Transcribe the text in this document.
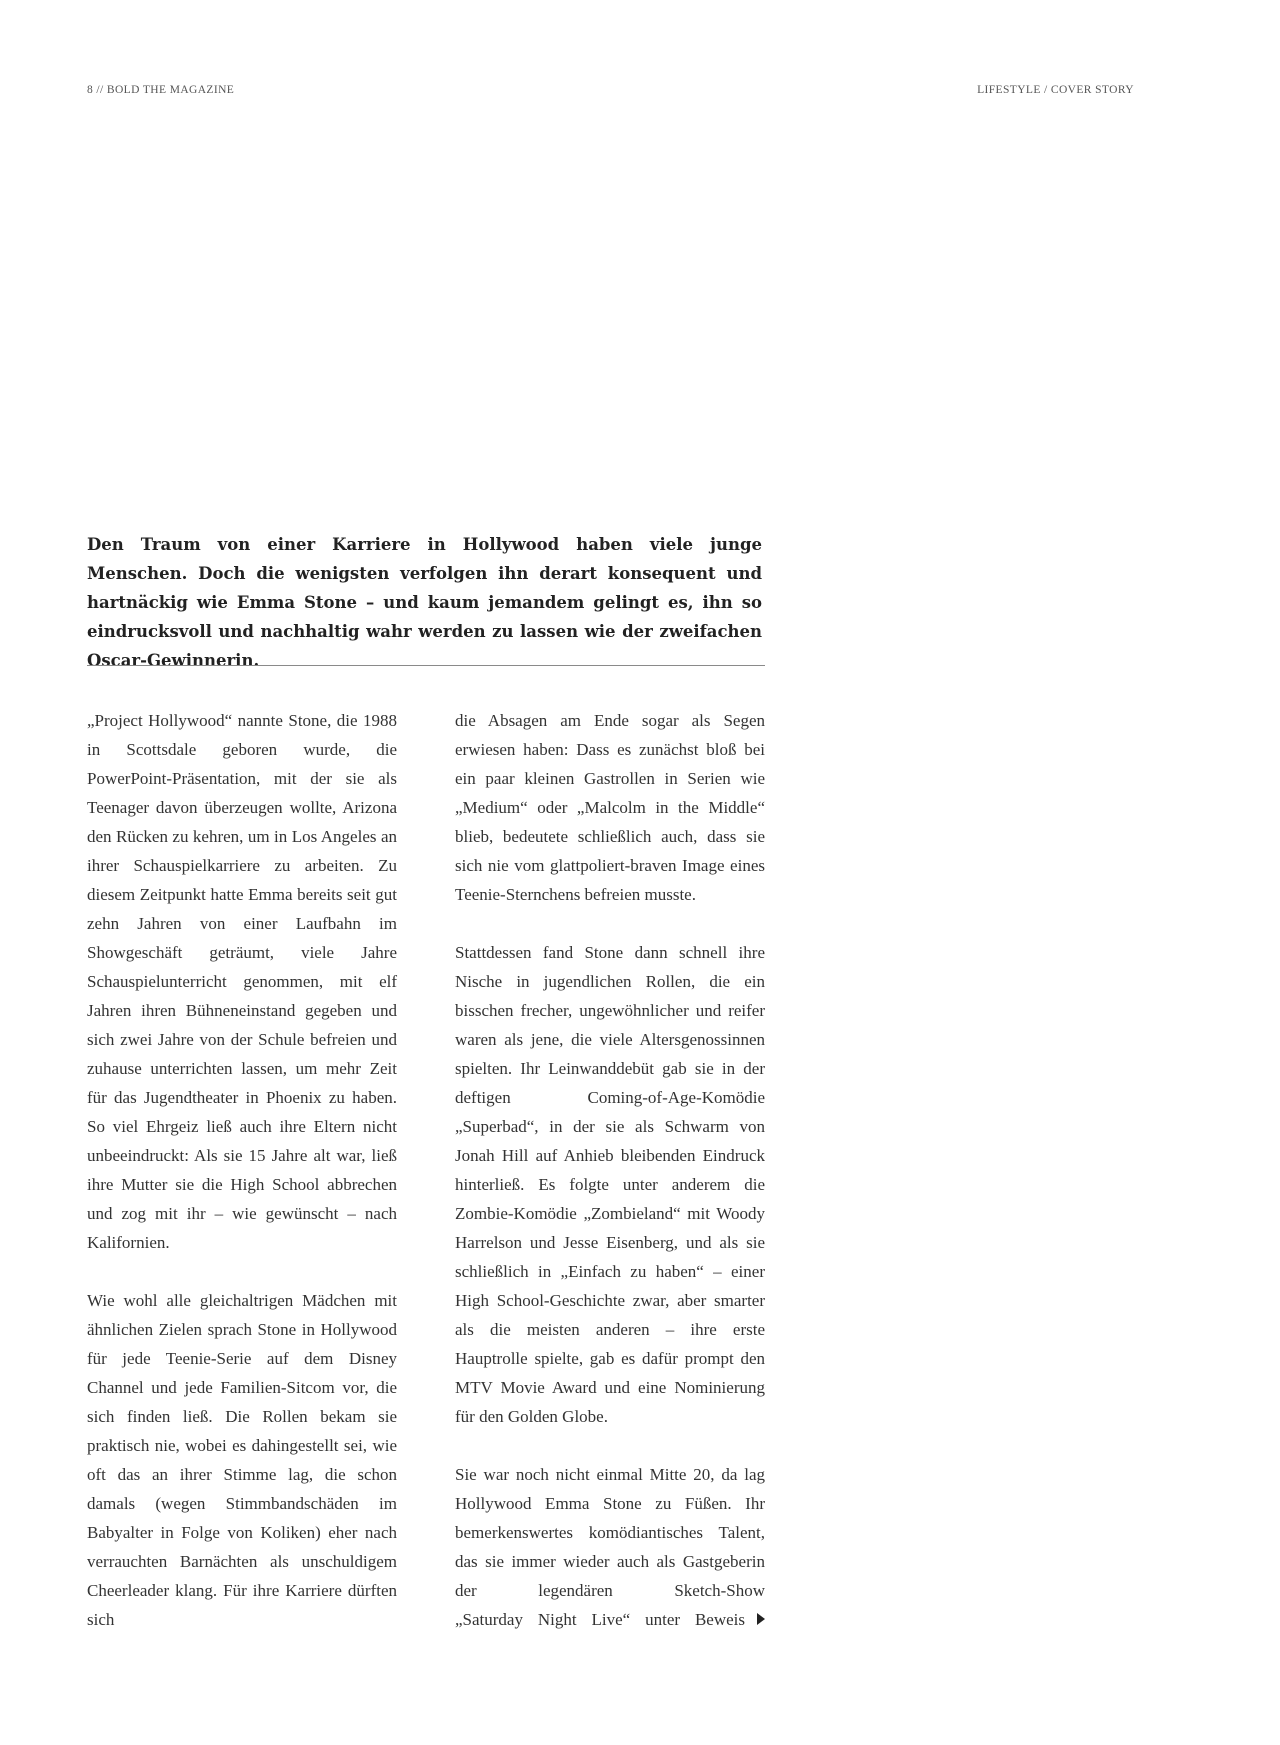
8 // BOLD THE MAGAZINE	LIFESTYLE / COVER STORY

Den Traum von einer Karriere in Hollywood haben viele junge Menschen. Doch die wenigsten verfolgen ihn derart konsequent und hartnäckig wie Emma Stone – und kaum jemandem gelingt es, ihn so eindrucksvoll und nachhaltig wahr werden zu lassen wie der zweifachen Oscar-Gewinnerin.

„Project Hollywood“ nannte Stone, die 1988 in Scottsdale geboren wurde, die PowerPoint-Präsentation, mit der sie als Teenager davon überzeugen wollte, Arizona den Rücken zu kehren, um in Los Angeles an ihrer Schauspielkarriere zu arbeiten. Zu diesem Zeitpunkt hatte Emma bereits seit gut zehn Jahren von einer Laufbahn im Showgeschäft geträumt, viele Jahre Schauspielunterricht genommen, mit elf Jahren ihren Bühneneinstand gegeben und sich zwei Jahre von der Schule befreien und zuhause unterrichten lassen, um mehr Zeit für das Jugendtheater in Phoenix zu haben. So viel Ehrgeiz ließ auch ihre Eltern nicht unbeeindruckt: Als sie 15 Jahre alt war, ließ ihre Mutter sie die High School abbrechen und zog mit ihr – wie gewünscht – nach Kalifornien.

Wie wohl alle gleichaltrigen Mädchen mit ähnlichen Zielen sprach Stone in Hollywood für jede Teenie-Serie auf dem Disney Channel und jede Familien-Sitcom vor, die sich finden ließ. Die Rollen bekam sie praktisch nie, wobei es dahingestellt sei, wie oft das an ihrer Stimme lag, die schon damals (wegen Stimmbandschäden im Babyalter in Folge von Koliken) eher nach verrauchten Barnächten als unschuldigem Cheerleader klang. Für ihre Karriere dürften sich

die Absagen am Ende sogar als Segen erwiesen haben: Dass es zunächst bloß bei ein paar kleinen Gastrollen in Serien wie „Medium“ oder „Malcolm in the Middle“ blieb, bedeutete schließlich auch, dass sie sich nie vom glattpoliert-braven Image eines Teenie-Sternchens befreien musste.

Stattdessen fand Stone dann schnell ihre Nische in jugendlichen Rollen, die ein bisschen frecher, ungewöhnlicher und reifer waren als jene, die viele Altersgenossinnen spielten. Ihr Leinwanddebüt gab sie in der deftigen Coming-of-Age-Komödie „Superbad“, in der sie als Schwarm von Jonah Hill auf Anhieb bleibenden Eindruck hinterließ. Es folgte unter anderem die Zombie-Komödie „Zombieland“ mit Woody Harrelson und Jesse Eisenberg, und als sie schließlich in „Einfach zu haben“ – einer High School-Geschichte zwar, aber smarter als die meisten anderen – ihre erste Hauptrolle spielte, gab es dafür prompt den MTV Movie Award und eine Nominierung für den Golden Globe.

Sie war noch nicht einmal Mitte 20, da lag Hollywood Emma Stone zu Füßen. Ihr bemerkenswertes komödiantisches Talent, das sie immer wieder auch als Gastgeberin der legendären Sketch-Show
„Saturday Night Live“ unter Beweis
